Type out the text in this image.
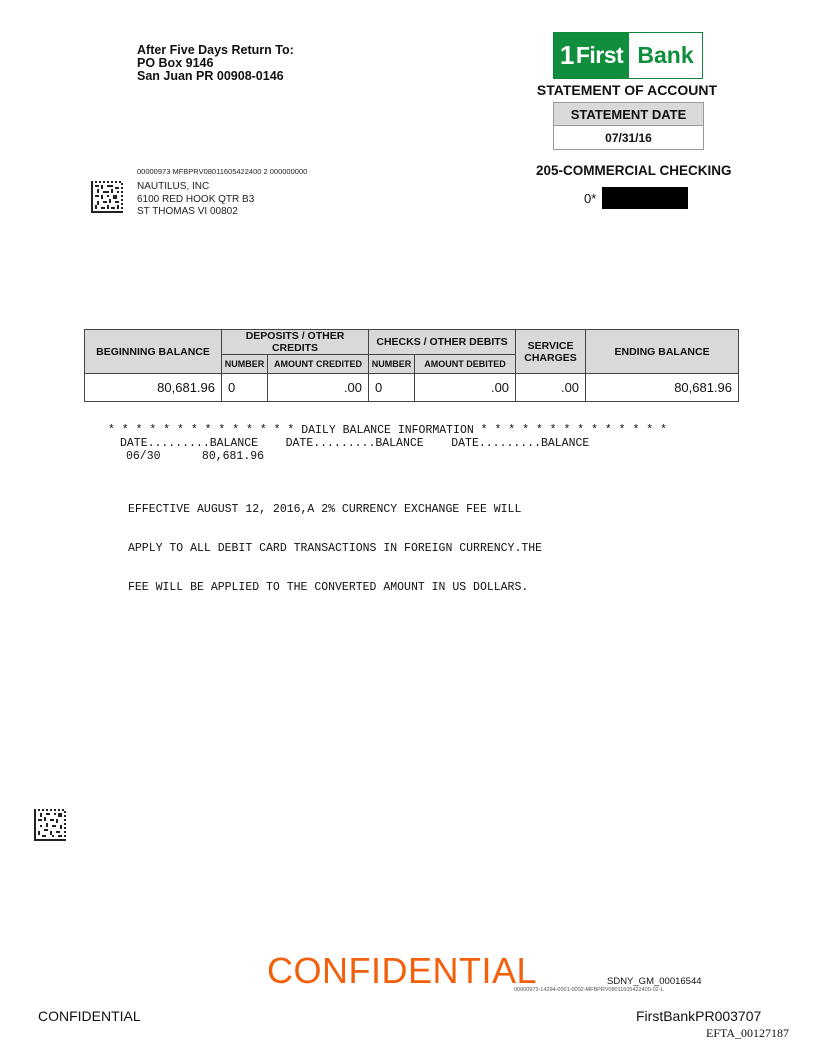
After Five Days Return To:
PO Box 9146
San Juan PR 00908-0146
1 First Bank
STATEMENT OF ACCOUNT
STATEMENT DATE
07/31/16
205-COMMERCIAL CHECKING
0*
00000973 MFBPRV08011605422400 2 000000000
NAUTILUS, INC
6100 RED HOOK QTR B3
ST THOMAS VI 00802
BEGINNING BALANCE	DEPOSITS / OTHER CREDITS		CHECKS / OTHER DEBITS		SERVICE CHARGES	ENDING BALANCE
	NUMBER	AMOUNT CREDITED	NUMBER	AMOUNT DEBITED		
80,681.96	0	.00	0	.00	.00	80,681.96
* * * * * * * * * * * * * * DAILY BALANCE INFORMATION * * * * * * * * * * * * * *
DATE.........BALANCE    DATE.........BALANCE    DATE.........BALANCE
06/30      80,681.96

EFFECTIVE AUGUST 12, 2016,A 2% CURRENCY EXCHANGE FEE WILL

APPLY TO ALL DEBIT CARD TRANSACTIONS IN FOREIGN CURRENCY.THE

FEE WILL BE APPLIED TO THE CONVERTED AMOUNT IN US DOLLARS.

CONFIDENTIAL	SDNY_GM_00016544
00000973-14294-0001-0002-MFBPRV08011605422400-02-L
CONFIDENTIAL	FirstBankPR003707
EFTA_00127187
